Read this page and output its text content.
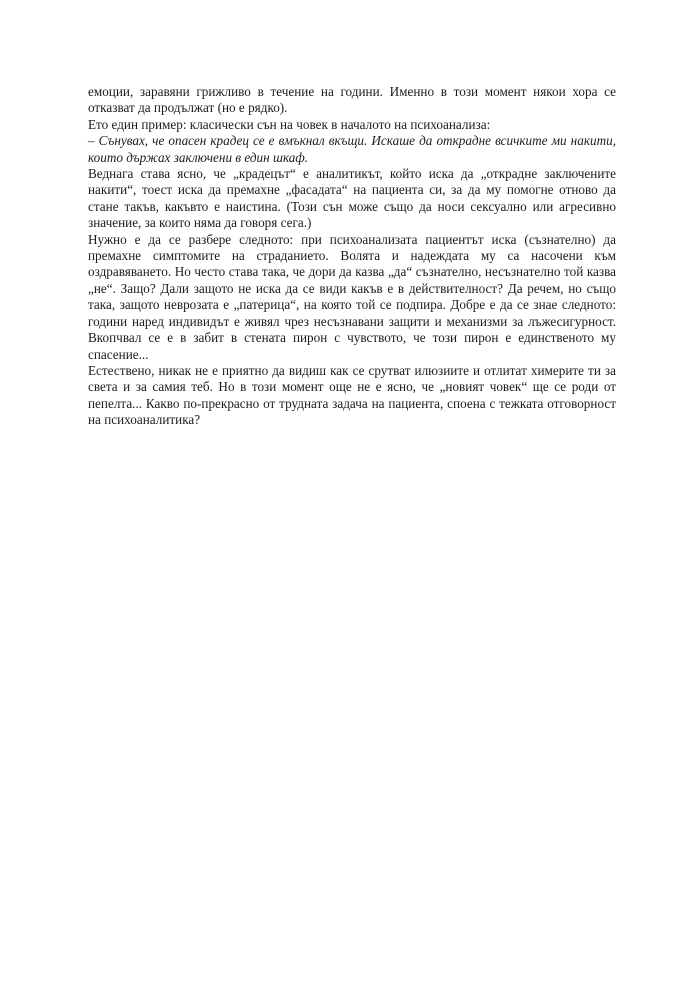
емоции, заравяни грижливо в течение на години. Именно в този момент някои хора се отказват да продължат (но е рядко).

Ето един пример: класически сън на човек в началото на психоанализа:

– Сънувах, че опасен крадец се е вмъкнал вкъщи. Искаше да открадне всичките ми накити, които държах заключени в един шкаф.

Веднага става ясно, че „крадецът“ е аналитикът, който иска да „открадне заключените накити“, тоест иска да премахне „фасадата“ на пациента си, за да му помогне отново да стане такъв, какъвто е наистина. (Този сън може също да носи сексуално или агресивно значение, за които няма да говоря сега.)

Нужно е да се разбере следното: при психоанализата пациентът иска (съзнателно) да премахне симптомите на страданието. Волята и надеждата му са насочени към оздравяването. Но често става така, че дори да казва „да“ съзнателно, несъзнателно той казва „не“. Защо? Дали защото не иска да се види какъв е в действителност? Да речем, но също така, защото неврозата е „патерица“, на която той се подпира. Добре е да се знае следното: години наред индивидът е живял чрез несъзнавани защити и механизми за лъжесигурност. Вкопчвал се е в забит в стената пирон с чувството, че този пирон е единственото му спасение...

Естествено, никак не е приятно да видиш как се срутват илюзиите и отлитат химерите ти за света и за самия теб. Но в този момент още не е ясно, че „новият човек“ ще се роди от пепелта... Какво по-прекрасно от трудната задача на пациента, споена с тежката отговорност на психоаналитика?
